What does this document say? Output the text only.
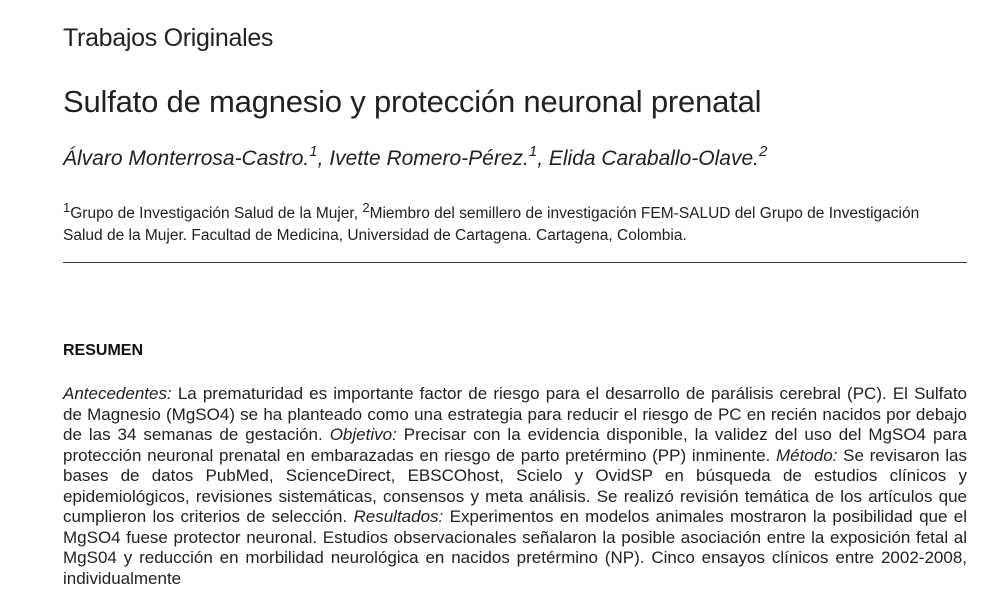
Trabajos Originales
Sulfato de magnesio y protección neuronal prenatal
Álvaro Monterrosa-Castro.$^1$, Ivette Romero-Pérez.$^1$, Elida Caraballo-Olave.$^2$
$^1$Grupo de Investigación Salud de la Mujer, $^2$Miembro del semillero de investigación FEM-SALUD del Grupo de Investigación Salud de la Mujer. Facultad de Medicina, Universidad de Cartagena. Cartagena, Colombia.
RESUMEN
Antecedentes: La prematuridad es importante factor de riesgo para el desarrollo de parálisis cerebral (PC). El Sulfato de Magnesio (MgSO4) se ha planteado como una estrategia para reducir el riesgo de PC en recién nacidos por debajo de las 34 semanas de gestación. Objetivo: Precisar con la evidencia disponible, la validez del uso del MgSO4 para protección neuronal prenatal en embarazadas en riesgo de parto pretérmino (PP) inminente. Método: Se revisaron las bases de datos PubMed, ScienceDirect, EBSCOhost, Scielo y OvidSP en búsqueda de estudios clínicos y epidemiológicos, revisiones sistemáticas, consensos y meta análisis. Se realizó revisión temática de los artículos que cumplieron los criterios de selección. Resultados: Experimentos en modelos animales mostraron la posibilidad que el MgSO4 fuese protector neuronal. Estudios observacionales señalaron la posible asociación entre la exposición fetal al MgS04 y reducción en morbilidad neurológica en nacidos pretérmino (NP). Cinco ensayos clínicos entre 2002-2008, individualmente
